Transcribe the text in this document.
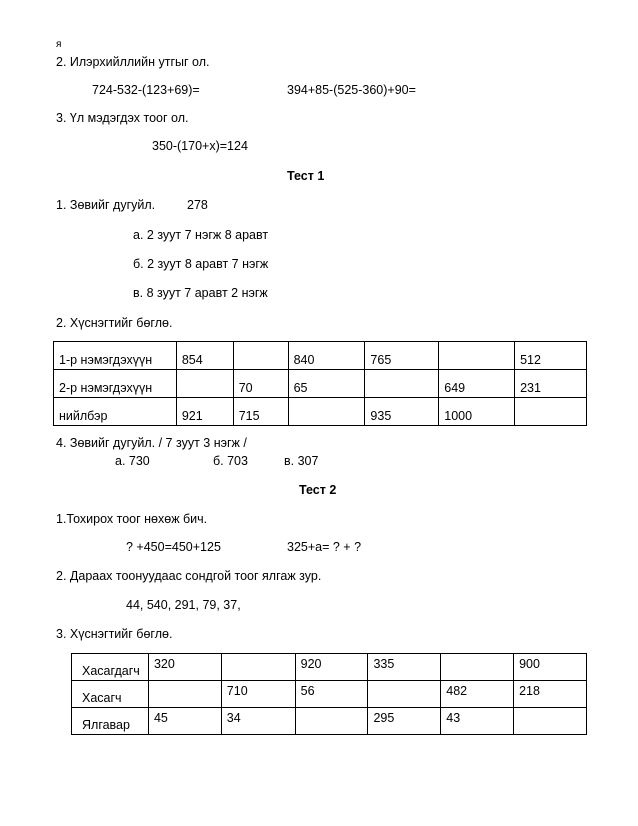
я
2. Илэрхийллийн утгыг ол.
724-532-(123+69)=	394+85-(525-360)+90=
3. Үл мэдэгдэх тоог ол.
350-(170+x)=124
Тест 1
1. Зөвийг дугуйл.	278
а. 2 зуут 7 нэгж 8 аравт
б. 2 зуут 8 аравт 7 нэгж
в. 8 зуут 7 аравт 2 нэгж
2. Хүснэгтийг бөглө.
1-р нэмэгдэхүүн	854		840	765		512
2-р нэмэгдэхүүн		70	65		649	231
нийлбэр	921	715		935	1000	
4. Зөвийг дугуйл. / 7 зуут 3 нэгж /
а. 730	б. 703	в. 307
Тест 2
1.Тохирох тоог нөхөж бич.
? +450=450+125	325+a= ? + ?
2. Дараах тоонуудаас сондгой тоог ялгаж зур.
44, 540, 291, 79, 37,
3. Хүснэгтийг бөглө.
Хасагдагч	320		920	335		900
Хасагч		710	56		482	218
Ялгавар	45	34		295	43	
